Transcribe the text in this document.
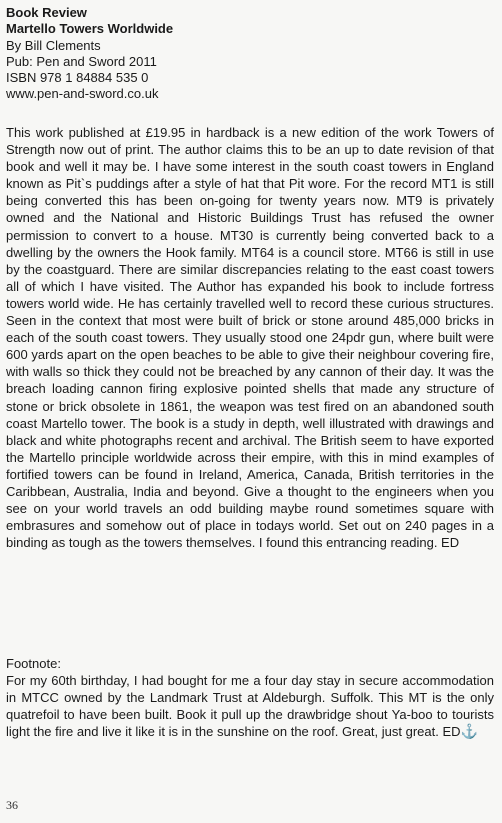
Book Review
Martello Towers Worldwide
By Bill Clements
Pub: Pen and Sword 2011
ISBN 978 1 84884 535 0
www.pen-and-sword.co.uk

This work published at £19.95 in hardback is a new edition of the work Towers of Strength now out of print. The author claims this to be an up to date revision of that book and well it may be. I have some interest in the south coast towers in England known as Pit`s puddings after a style of hat that Pit wore. For the record MT1 is still being converted this has been on-going for twenty years now. MT9 is privately owned and the National and Historic Buildings Trust has refused the owner permission to convert to a house. MT30 is currently being converted back to a dwelling by the owners the Hook family. MT64 is a council store. MT66 is still in use by the coastguard. There are similar discrepancies relating to the east coast towers all of which I have visited. The Author has expanded his book to include fortress towers world wide. He has certainly travelled well to record these curious structures. Seen in the context that most were built of brick or stone around 485,000 bricks in each of the south coast towers. They usually stood one 24pdr gun, where built were 600 yards apart on the open beaches to be able to give their neighbour covering fire, with walls so thick they could not be breached by any cannon of their day. It was the breach loading cannon firing explosive pointed shells that made any structure of stone or brick obsolete in 1861, the weapon was test fired on an abandoned south coast Martello tower. The book is a study in depth, well illustrated with drawings and black and white photographs recent and archival. The British seem to have exported the Martello principle worldwide across their empire, with this in mind examples of fortified towers can be found in Ireland, America, Canada, British territories in the Caribbean, Australia, India and beyond. Give a thought to the engineers when you see on your world travels an odd building maybe round sometimes square with embrasures and somehow out of place in todays world. Set out on 240 pages in a binding as tough as the towers themselves. I found this entrancing reading. ED

Footnote:

For my 60th birthday, I had bought for me a four day stay in secure accommodation in MTCC owned by the Landmark Trust at Aldeburgh. Suffolk. This MT is the only quatrefoil to have been built. Book it pull up the drawbridge shout Ya-boo to tourists light the fire and live it like it is in the sunshine on the roof. Great, just great. ED⚓

36
